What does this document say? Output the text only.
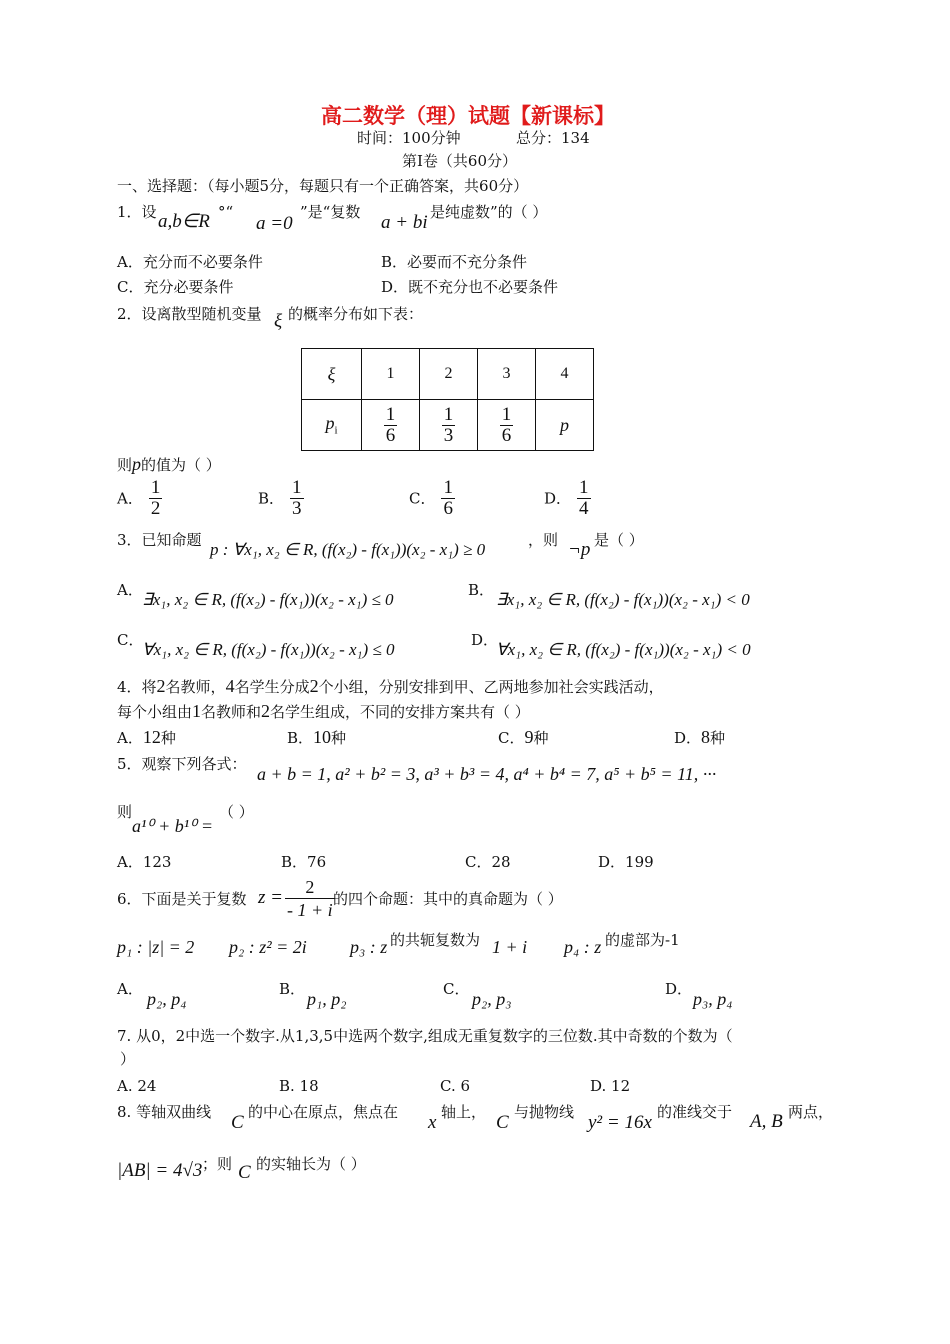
高二数学（理）试题【新课标】
时间：100分钟	总分：134
第Ⅰ卷（共60分）
一、选择题：（每小题5分，每题只有一个正确答案，共60分）
1．设 a,b∈R °“
a =0
”是“复数 a + bi 是纯虚数”的（ ）
A．充分而不必要条件	B．必要而不充分条件
C．充分必要条件	D．既不充分也不必要条件
2．设离散型随机变量 ξ 的概率分布如下表：
ξ	1	2	3	4
$p_i$	$\frac{1}{6}$	$\frac{1}{3}$	$\frac{1}{6}$	p
则p的值为（ ）
A． $\frac{1}{2}$	B． $\frac{1}{3}$	C． $\frac{1}{6}$	D． $\frac{1}{4}$
3．已知命题 p : ∀x₁, x₂ ∈ R, (f(x₂) - f(x₁))(x₂ - x₁) ≥ 0	，则 ¬p 是（ ）
A． ∃x₁, x₂ ∈ R, (f(x₂) - f(x₁))(x₂ - x₁) ≤ 0	B． ∃x₁, x₂ ∈ R, (f(x₂) - f(x₁))(x₂ - x₁) < 0
C．
∀x₁, x₂ ∈ R, (f(x₂) - f(x₁))(x₂ - x₁) ≤ 0	D．
∀x₁, x₂ ∈ R, (f(x₂) - f(x₁))(x₂ - x₁) < 0
4．将2名教师，4名学生分成2个小组，分别安排到甲、乙两地参加社会实践活动，
每个小组由1名教师和2名学生组成，不同的安排方案共有（ ）
A．12种	B．10种	C．9种	D．8种
5．观察下列各式： a + b = 1, a² + b² = 3, a³ + b³ = 4, a⁴ + b⁴ = 7, a⁵ + b⁵ = 11, ···
则
a¹⁰ + b¹⁰ =
（ ）
A．123	B．76	C．28	D．199
6．下面是关于复数 $z = \frac{2}{- 1 + i}$
的四个命题：其中的真命题为（ ）
p₁ : |z| = 2 p₂ : z² = 2i p₃ : z 的共轭复数为 1 + i p₄ : z 的虚部为-1
A． p₂, p₄	B． p₁, p₂	C． p₂, p₃	D． p₃, p₄
7. 从0，2中选一个数字.从1,3,5中选两个数字,组成无重复数字的三位数.其中奇数的个数为（
）
A. 24	B. 18	C. 6	D. 12
8. 等轴双曲线 C 的中心在原点，焦点在 x 轴上， C 与抛物线 y² = 16x 的准线交于 A, B 两点，
|AB| = 4√3 ；则 C 的实轴长为（ ）
